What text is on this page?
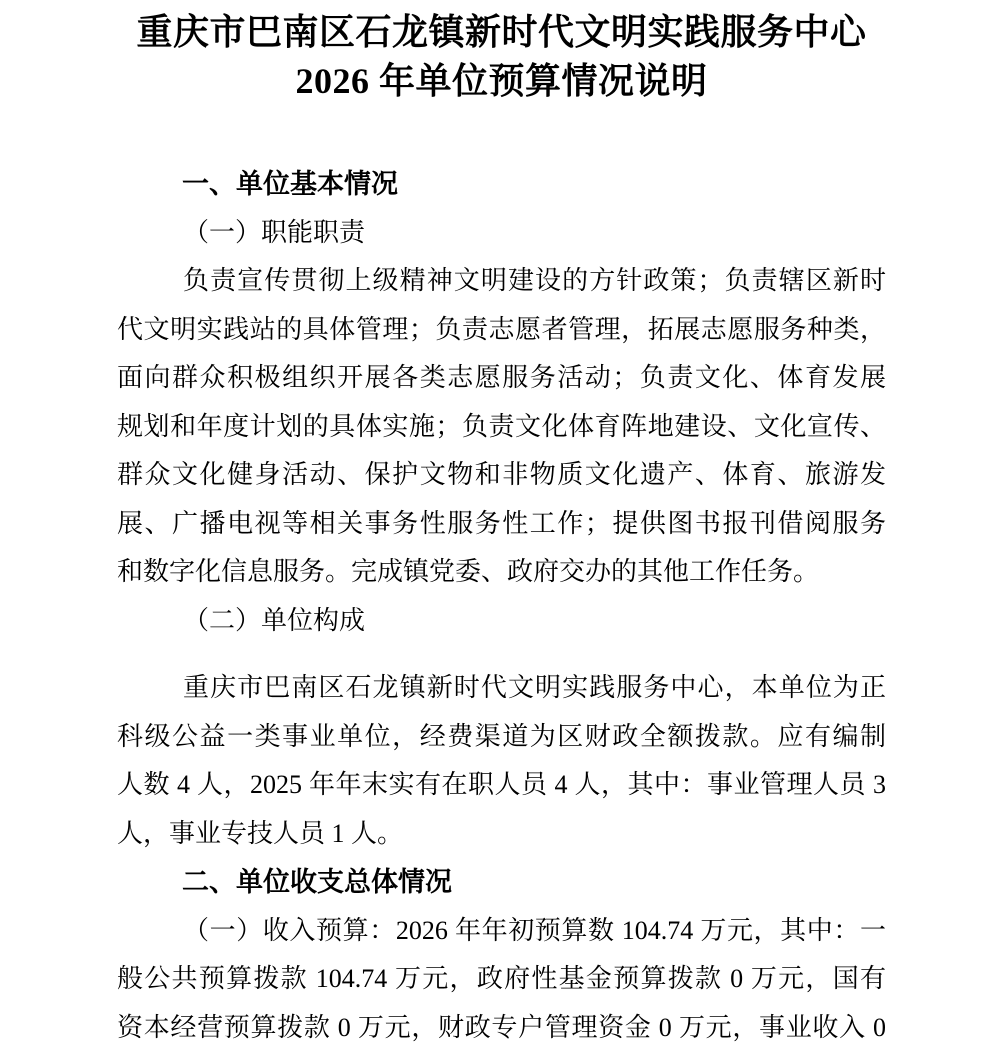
重庆市巴南区石龙镇新时代文明实践服务中心
2026 年单位预算情况说明
一、单位基本情况
（一）职能职责
负责宣传贯彻上级精神文明建设的方针政策；负责辖区新时
代文明实践站的具体管理；负责志愿者管理，拓展志愿服务种类，
面向群众积极组织开展各类志愿服务活动；负责文化、体育发展
规划和年度计划的具体实施；负责文化体育阵地建设、文化宣传、
群众文化健身活动、保护文物和非物质文化遗产、体育、旅游发
展、广播电视等相关事务性服务性工作；提供图书报刊借阅服务
和数字化信息服务。完成镇党委、政府交办的其他工作任务。
（二）单位构成
重庆市巴南区石龙镇新时代文明实践服务中心，本单位为正
科级公益一类事业单位，经费渠道为区财政全额拨款。应有编制
人数 4 人，2025 年年末实有在职人员 4 人，其中：事业管理人员 3
人，事业专技人员 1 人。
二、单位收支总体情况
（一）收入预算：2026 年年初预算数 104.74 万元，其中：一
般公共预算拨款 104.74 万元，政府性基金预算拨款 0 万元，国有
资本经营预算拨款 0 万元，财政专户管理资金 0 万元，事业收入 0
